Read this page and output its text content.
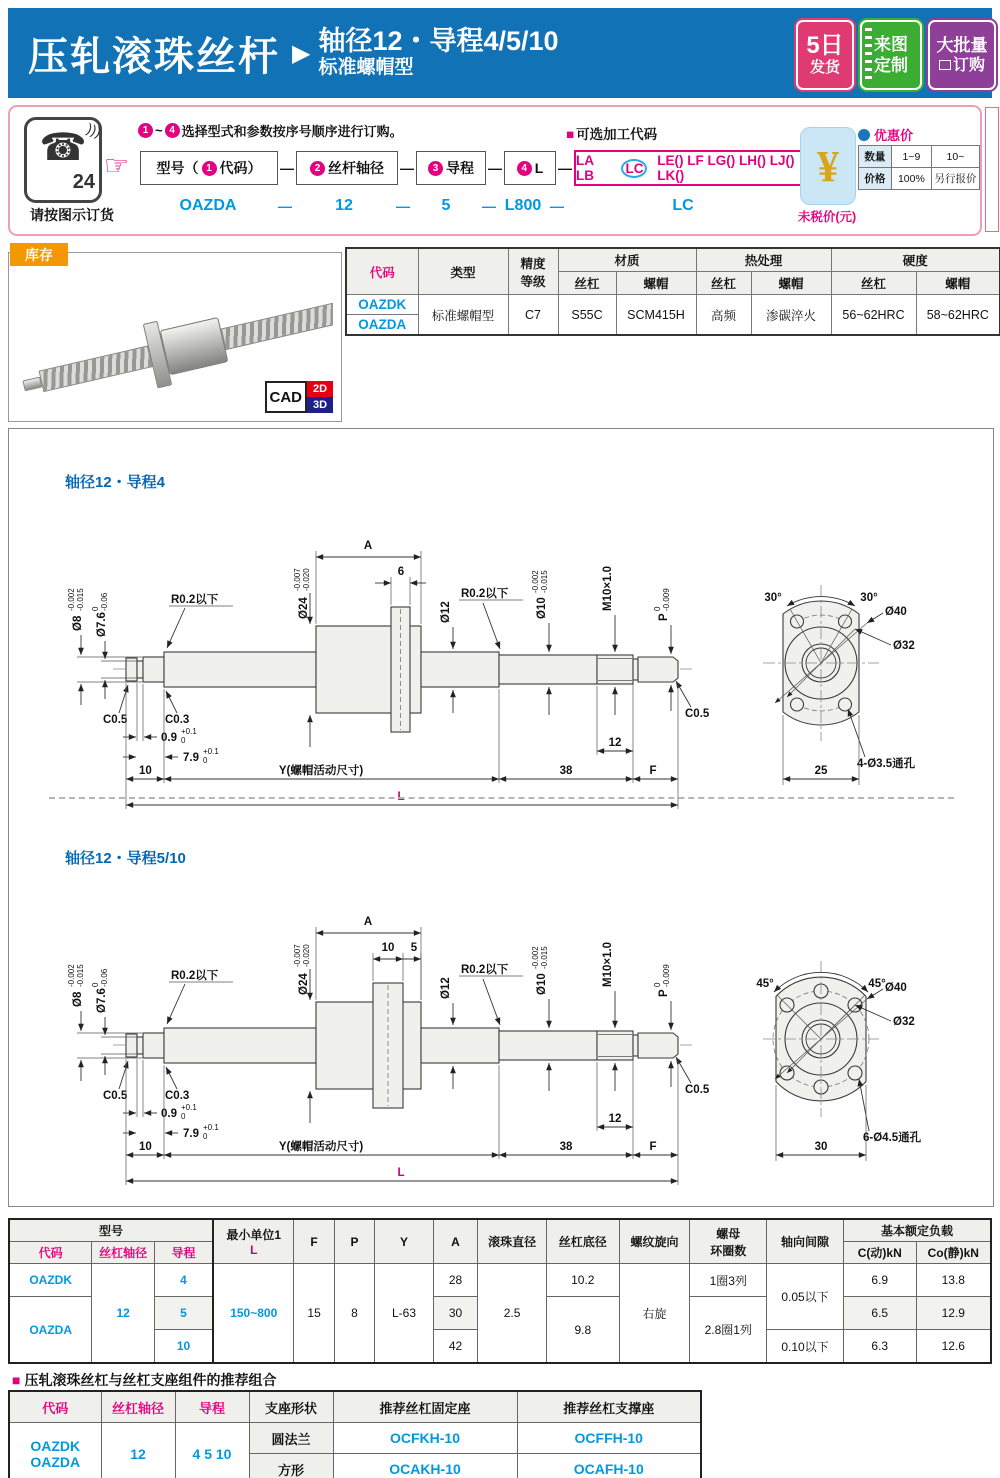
压轧滚珠丝杆 ▶ 轴径12・导程4/5/10
标准螺帽型
5日
发货
来图
定制
大批量
订购
☎
24
)))
请按图示订货
☞
1 ~ 4 选择型式和参数按序号顺序进行订购。	■ 可选加工代码
型号（ 1 代码） —	2 丝杆轴径 —	3 导程 —	4 L — LA LB
	LC
LE() LF LG() LH() LJ() LK()
OAZDA	—	12	—	5	— L800 —	LC
¥
未税价(元)
优惠价
数量	1~9	10~
价格	100%	另行报价
CAD 2D
3D
库存
代码	类型	精度
等级	材质		热处理		硬度	
			丝杠	螺帽	丝杠	螺帽	丝杠	螺帽
OAZDK	标准螺帽型	C7	S55C	SCM415H	高频	渗碳淬火	56~62HRC	58~62HRC
OAZDA								
轴径12・导程4
A
6
Ø24
-0.007 -0.020
Ø8
-0.002 -0.015
Ø7.6
0 -0.06	R0.2以下
Ø12
R0.2以下
Ø10
-0.002 -0.015	M10×1.0
P
0 -0.009
C0.5	C0.3	C0.5
0.9
+0.1
0
7.9
+0.1
0
10	Y(螺帽活动尺寸)	38	F
12
L
30°	30°
Ø40
Ø32
4-Ø3.5通孔
25
轴径12・导程5/10
A
10 5
Ø24
-0.007 -0.020
Ø8
-0.002 -0.015
Ø7.6
0 -0.06	R0.2以下
Ø12
R0.2以下
Ø10
-0.002 -0.015	M10×1.0
P
0 -0.009
C0.5	C0.3	C0.5
0.9
+0.1
0
7.9
+0.1
0
10	Y(螺帽活动尺寸)	38	F
12
L
45°	45° Ø40
Ø32
6-Ø4.5通孔
30
型号			最小单位1
L	F	P	Y	A	滚珠直径	丝杠底径	螺纹旋向	螺母
环圈数	轴向间隙	基本额定负载	
代码	丝杠轴径	导程											C(动)kN	Co(静)kN
OAZDK	12	4	150~800	15	8	L-63	28	2.5	10.2	右旋	1圈3列	0.05以下	6.9	13.8
OAZDA		5					30		9.8		2.8圈1列		6.5	12.9
		10					42					0.10以下	6.3	12.6
■ 压轧滚珠丝杠与丝杠支座组件的推荐组合
代码	丝杠轴径	导程	支座形状	推荐丝杠固定座	推荐丝杠支撑座
OAZDK
OAZDA	12	4 5 10	圆法兰	OCFKH-10	OCFFH-10
			方形	OCAKH-10	OCAFH-10
